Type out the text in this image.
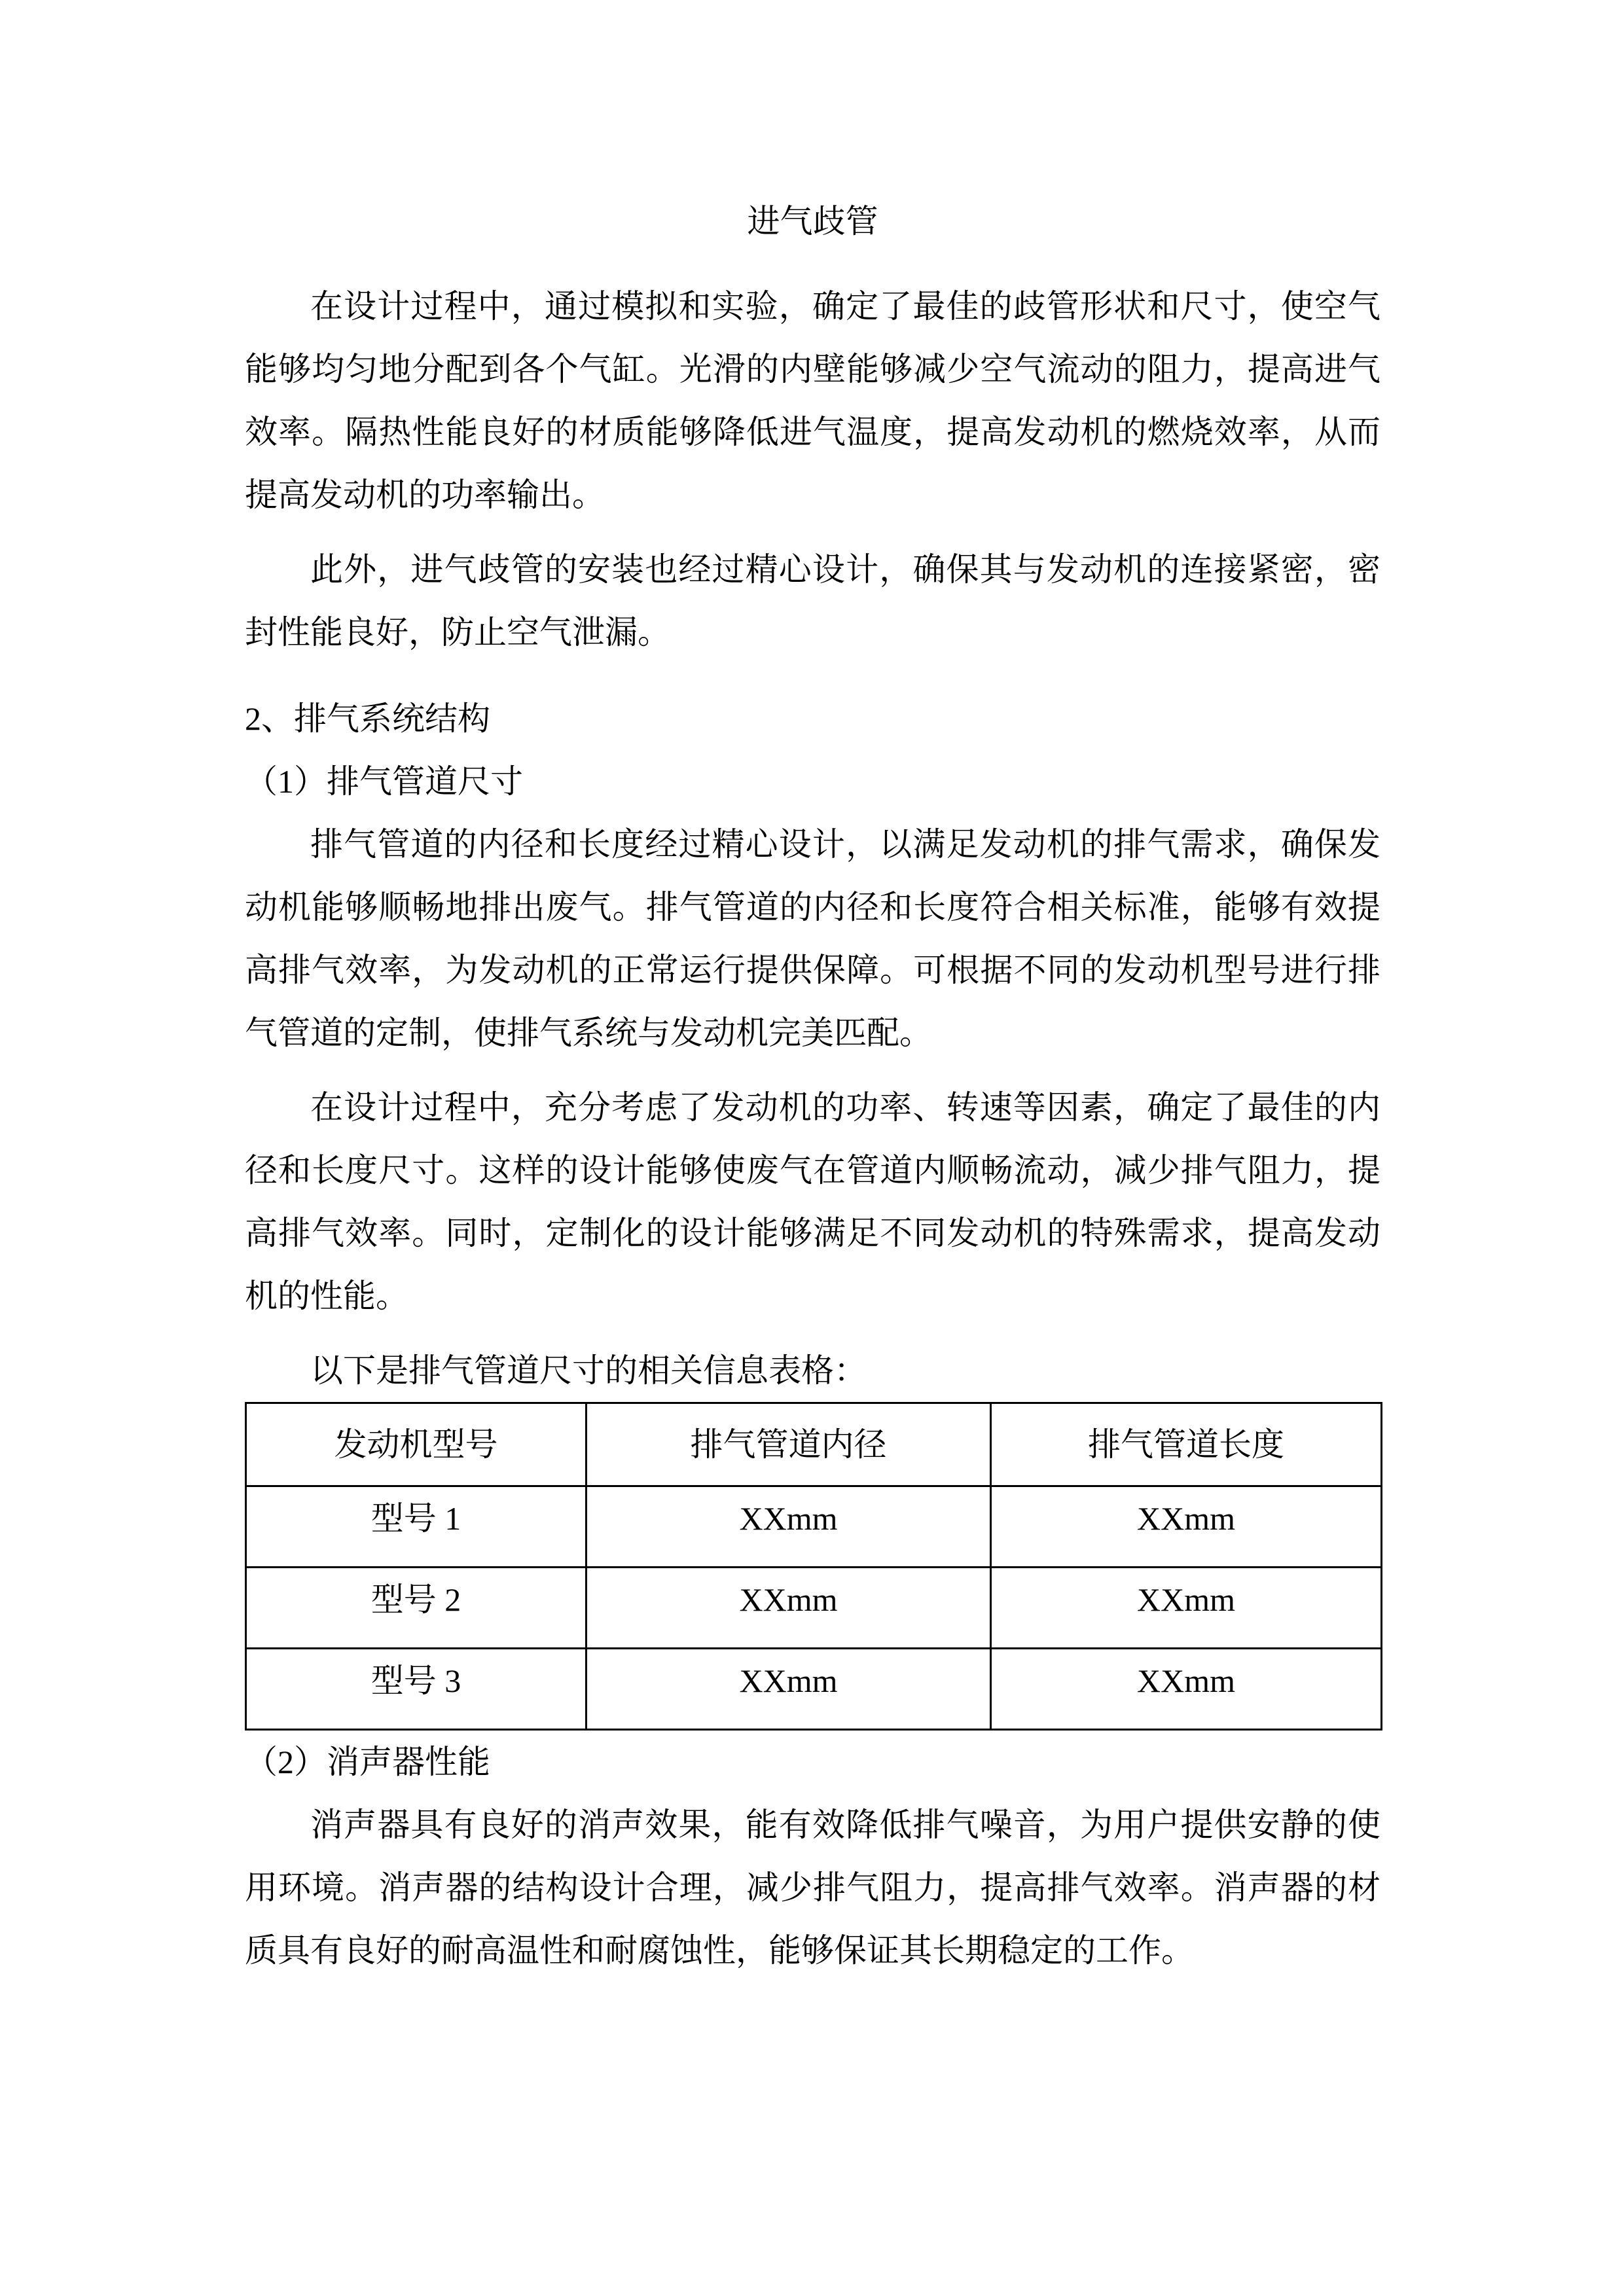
进气歧管

在设计过程中，通过模拟和实验，确定了最佳的歧管形状和尺寸，使空气能够均匀地分配到各个气缸。光滑的内壁能够减少空气流动的阻力，提高进气效率。隔热性能良好的材质能够降低进气温度，提高发动机的燃烧效率，从而提高发动机的功率输出。

此外，进气歧管的安装也经过精心设计，确保其与发动机的连接紧密，密封性能良好，防止空气泄漏。

2、排气系统结构

（1）排气管道尺寸

排气管道的内径和长度经过精心设计，以满足发动机的排气需求，确保发动机能够顺畅地排出废气。排气管道的内径和长度符合相关标准，能够有效提高排气效率，为发动机的正常运行提供保障。可根据不同的发动机型号进行排气管道的定制，使排气系统与发动机完美匹配。

在设计过程中，充分考虑了发动机的功率、转速等因素，确定了最佳的内径和长度尺寸。这样的设计能够使废气在管道内顺畅流动，减少排气阻力，提高排气效率。同时，定制化的设计能够满足不同发动机的特殊需求，提高发动机的性能。

以下是排气管道尺寸的相关信息表格：

发动机型号	排气管道内径	排气管道长度
型号 1	XXmm	XXmm
型号 2	XXmm	XXmm
型号 3	XXmm	XXmm

（2）消声器性能

消声器具有良好的消声效果，能有效降低排气噪音，为用户提供安静的使用环境。消声器的结构设计合理，减少排气阻力，提高排气效率。消声器的材质具有良好的耐高温性和耐腐蚀性，能够保证其长期稳定的工作。
